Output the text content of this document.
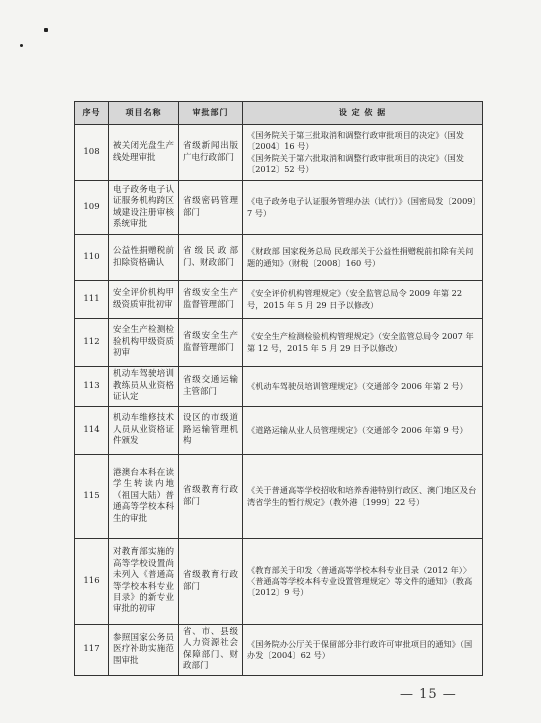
序号	项目名称	审批部门	设 定 依 据
108	被关闭光盘生产线处理审批	省级新闻出版广电行政部门	《国务院关于第三批取消和调整行政审批项目的决定》（国发〔2004〕16 号）
《国务院关于第六批取消和调整行政审批项目的决定》（国发〔2012〕52 号）

109	电子政务电子认证服务机构跨区域建设注册审核系统审批	省级密码管理部门	《电子政务电子认证服务管理办法（试行）》（国密局发〔2009〕7 号）

110	公益性捐赠税前扣除资格确认	省级民政部门、财政部门	《财政部 国家税务总局 民政部关于公益性捐赠税前扣除有关问题的通知》（财税〔2008〕160 号）

111	安全评价机构甲级资质审批初审	省级安全生产监督管理部门	《安全评价机构管理规定》（安全监管总局令 2009 年第 22 号，2015 年 5 月 29 日予以修改）

112	安全生产检测检验机构甲级资质初审	省级安全生产监督管理部门	《安全生产检测检验机构管理规定》（安全监管总局令 2007 年第 12 号，2015 年 5 月 29 日予以修改）

113	机动车驾驶培训教练员从业资格证认定	省级交通运输主管部门	《机动车驾驶员培训管理规定》（交通部令 2006 年第 2 号）

114	机动车维修技术人员从业资格证件颁发	设区的市级道路运输管理机构	《道路运输从业人员管理规定》（交通部令 2006 年第 9 号）

115	港澳台本科在读学生转读内地（祖国大陆）普通高等学校本科生的审批	省级教育行政部门	《关于普通高等学校招收和培养香港特别行政区、澳门地区及台湾省学生的暂行规定》（教外港〔1999〕22 号）

116	对教育部实施的高等学校设置尚未列入《普通高等学校本科专业目录》的新专业审批的初审	省级教育行政部门	《教育部关于印发〈普通高等学校本科专业目录（2012 年）〉〈普通高等学校本科专业设置管理规定〉等文件的通知》（教高〔2012〕9 号）

117	参照国家公务员医疗补助实施范围审批	省、市、县级人力资源社会保障部门、财政部门	《国务院办公厅关于保留部分非行政许可审批项目的通知》（国办发〔2004〕62 号）
— 15 —
